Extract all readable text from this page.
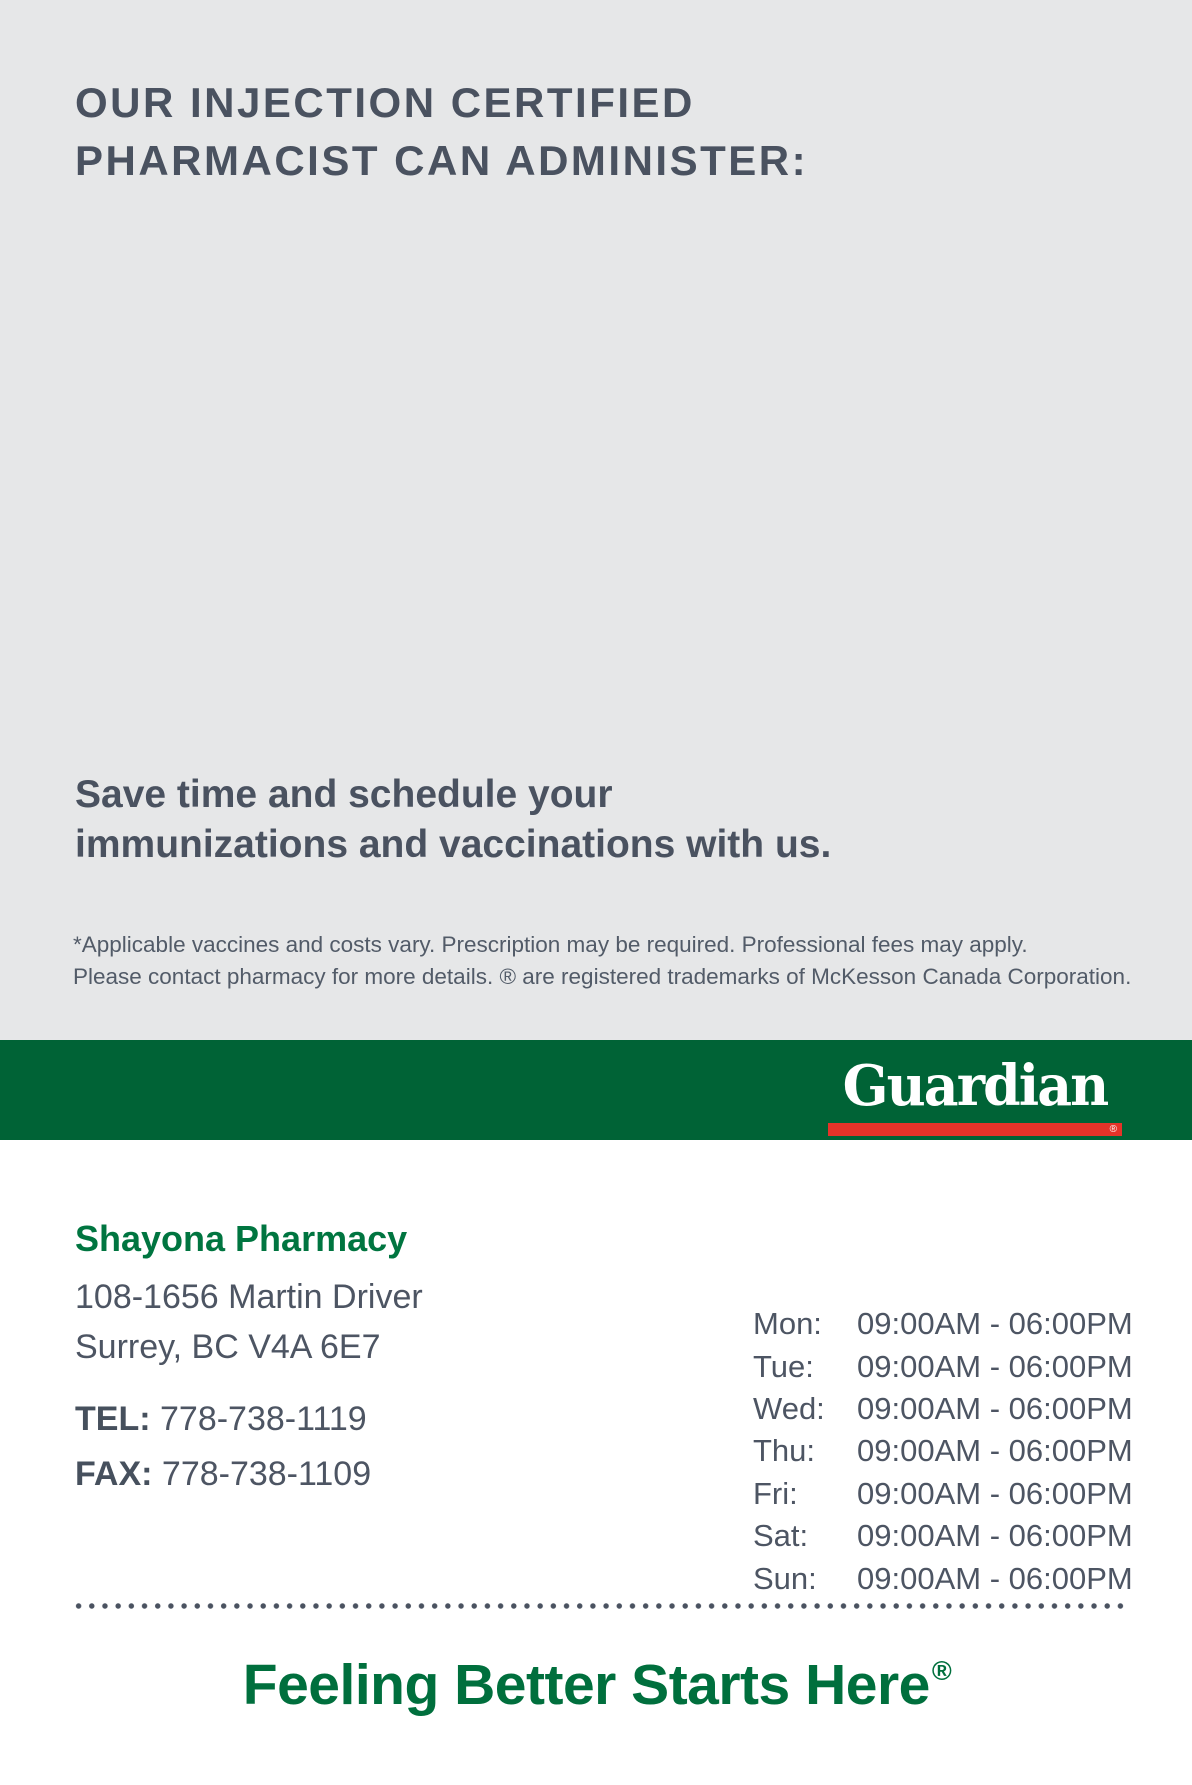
OUR INJECTION CERTIFIED
PHARMACIST CAN ADMINISTER:
Save time and schedule your
immunizations and vaccinations with us.
*Applicable vaccines and costs vary. Prescription may be required. Professional fees may apply.
Please contact pharmacy for more details. ® are registered trademarks of McKesson Canada Corporation.
Guardian
®
Shayona Pharmacy
108-1656 Martin Driver
Surrey, BC V4A 6E7
TEL: 778-738-1119
FAX: 778-738-1109
Mon:	09:00AM - 06:00PM
Tue:	09:00AM - 06:00PM
Wed:	09:00AM - 06:00PM
Thu:	09:00AM - 06:00PM
Fri:	09:00AM - 06:00PM
Sat:	09:00AM - 06:00PM
Sun:	09:00AM - 06:00PM
Feeling Better Starts Here®
